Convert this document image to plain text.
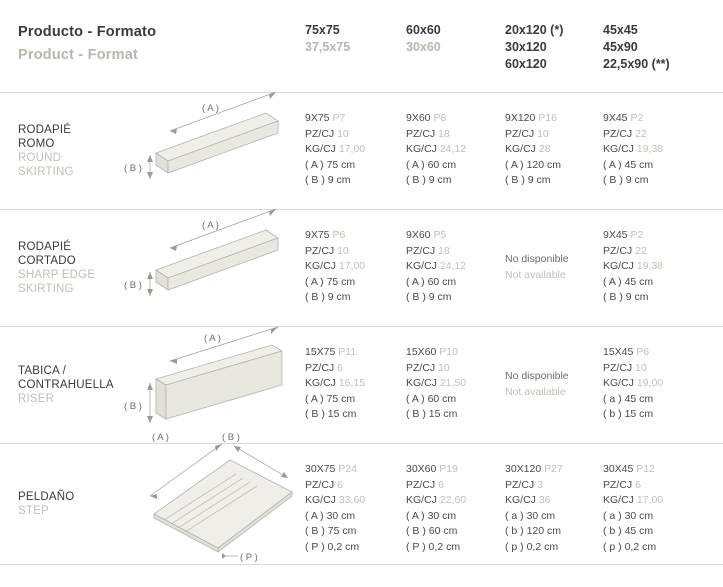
Producto - Formato
Product - Format
75x75
37,5x75
60x60
30x60
20x120 (*)
30x120
60x120
45x45
45x90
22,5x90 (**)
RODAPIÉ
ROMO
ROUND
SKIRTING
( A )
( B )
9X75 P7
PZ/CJ 10
KG/CJ 17,00
( A ) 75 cm
( B ) 9 cm
9X60 P8
PZ/CJ 18
KG/CJ 24,12
( A ) 60 cm
( B ) 9 cm
9X120 P16
PZ/CJ 10
KG/CJ 28
( A ) 120 cm
( B ) 9 cm
9X45 P2
PZ/CJ 22
KG/CJ 19,38
( A ) 45 cm
( B ) 9 cm
RODAPIÉ
CORTADO
SHARP EDGE
SKIRTING
( A )
( B )
9X75 P6
PZ/CJ 10
KG/CJ 17,00
( A ) 75 cm
( B ) 9 cm
9X60 P5
PZ/CJ 18
KG/CJ 24,12
( A ) 60 cm
( B ) 9 cm
No disponible
Not available
9X45 P2
PZ/CJ 22
KG/CJ 19,38
( A ) 45 cm
( B ) 9 cm
TABICA /
CONTRAHUELLA
RISER
( A )
( B )
15X75 P11
PZ/CJ 6
KG/CJ 16,15
( A ) 75 cm
( B ) 15 cm
15X60 P10
PZ/CJ 10
KG/CJ 21,50
( A ) 60 cm
( B ) 15 cm
No disponible
Not available
15X45 P6
PZ/CJ 10
KG/CJ 19,00
( a ) 45 cm
( b ) 15 cm
PELDAÑO
STEP
( A )	( B )
( P )
30X75 P24
PZ/CJ 6
KG/CJ 33,60
( A ) 30 cm
( B ) 75 cm
( P ) 0,2 cm
30X60 P19
PZ/CJ 6
KG/CJ 22,60
( A ) 30 cm
( B ) 60 cm
( P ) 0,2 cm
30X120 P27
PZ/CJ 3
KG/CJ 36
( a ) 30 cm
( b ) 120 cm
( p ) 0,2 cm
30X45 P12
PZ/CJ 6
KG/CJ 17,00
( a ) 30 cm
( b ) 45 cm
( p ) 0,2 cm
